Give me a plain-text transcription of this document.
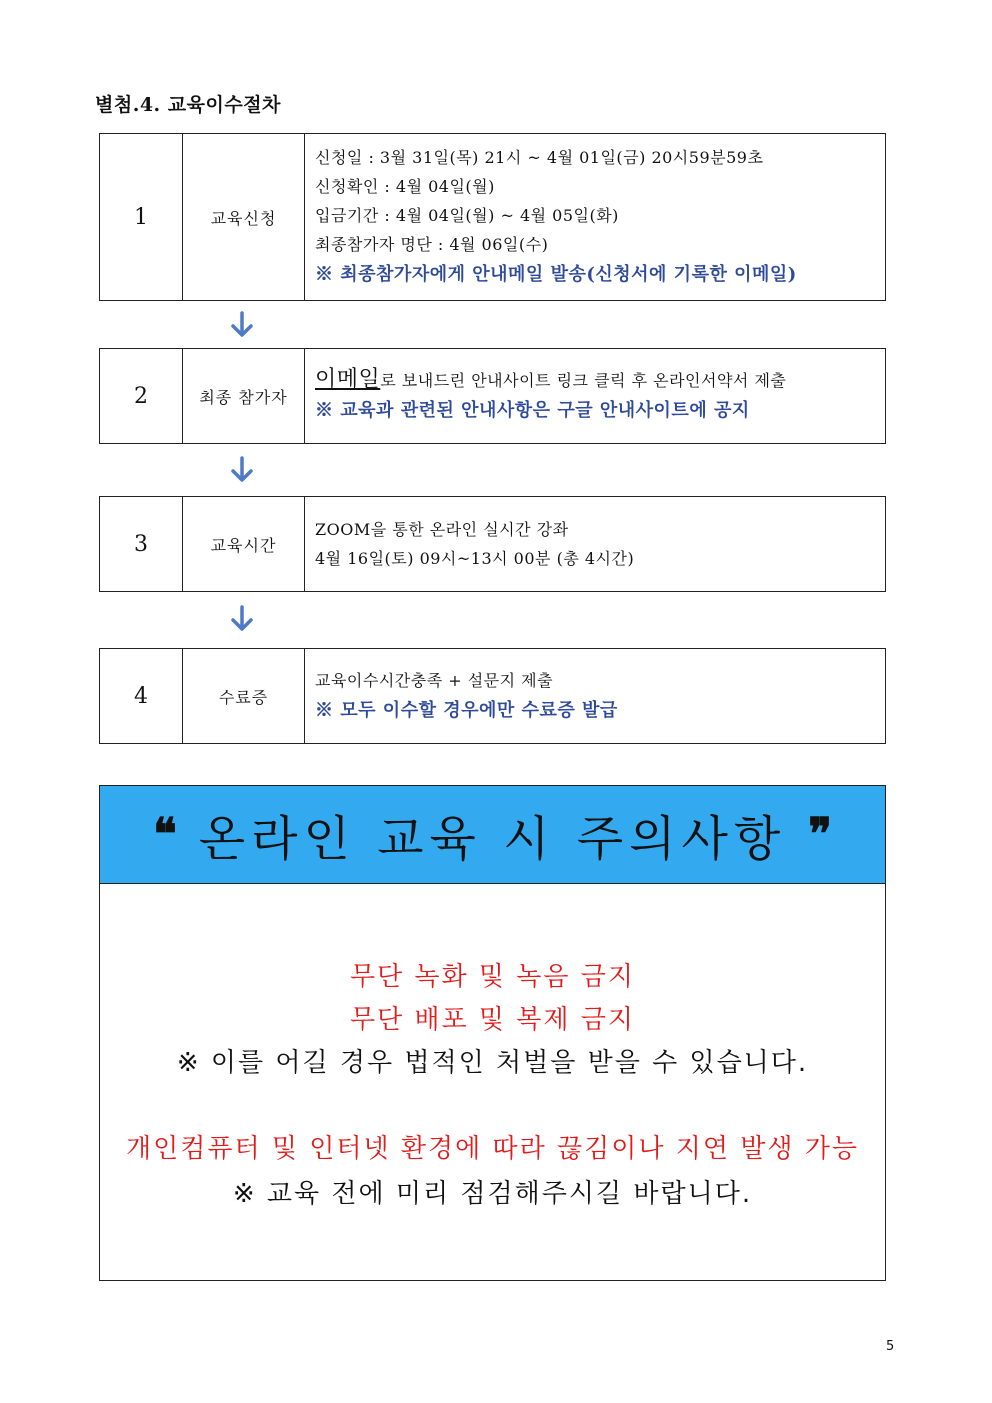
별첨.4. 교육이수절차
1	교육신청
신청일 : 3월 31일(목) 21시 ~ 4월 01일(금) 20시59분59초
신청확인 : 4월 04일(월)
입금기간 : 4월 04일(월) ~ 4월 05일(화)
최종참가자 명단 : 4월 06일(수)
※ 최종참가자에게 안내메일 발송(신청서에 기록한 이메일)
2	최종 참가자
이메일로 보내드린 안내사이트 링크 클릭 후 온라인서약서 제출
※ 교육과 관련된 안내사항은 구글 안내사이트에 공지
3	교육시간
ZOOM을 통한 온라인 실시간 강좌
4월 16일(토) 09시~13시 00분 (총 4시간)
4	수료증
교육이수시간충족 + 설문지 제출
※ 모두 이수할 경우에만 수료증 발급
❝ 온라인 교육 시 주의사항 ❞
무단 녹화 및 녹음 금지
무단 배포 및 복제 금지
※ 이를 어길 경우 법적인 처벌을 받을 수 있습니다.
개인컴퓨터 및 인터넷 환경에 따라 끊김이나 지연 발생 가능
※ 교육 전에 미리 점검해주시길 바랍니다.
5
